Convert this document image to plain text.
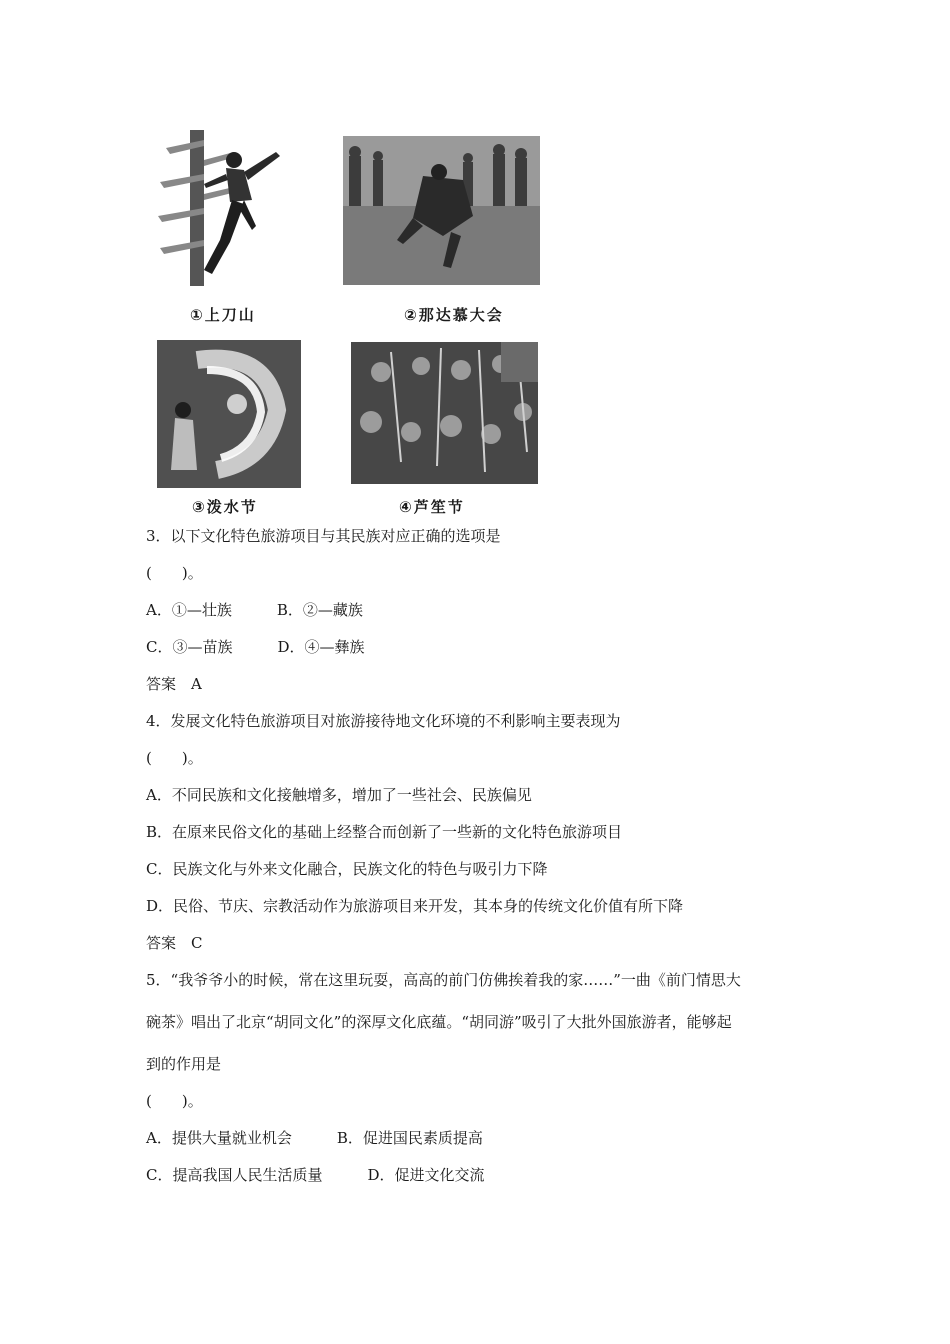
①上刀山	②那达慕大会
③泼水节	④芦笙节
3．以下文化特色旅游项目与其民族对应正确的选项是
(　　)。
A．①—壮族　　　B．②—藏族
C．③—苗族　　　D．④—彝族
答案　A
4．发展文化特色旅游项目对旅游接待地文化环境的不利影响主要表现为
(　　)。
A．不同民族和文化接触增多，增加了一些社会、民族偏见
B．在原来民俗文化的基础上经整合而创新了一些新的文化特色旅游项目
C．民族文化与外来文化融合，民族文化的特色与吸引力下降
D．民俗、节庆、宗教活动作为旅游项目来开发，其本身的传统文化价值有所下降
答案　C
5．“我爷爷小的时候，常在这里玩耍，高高的前门仿佛挨着我的家……”一曲《前门情思大
碗茶》唱出了北京“胡同文化”的深厚文化底蕴。“胡同游”吸引了大批外国旅游者，能够起
到的作用是
(　　)。
A．提供大量就业机会　　　B．促进国民素质提高
C．提高我国人民生活质量　　　D．促进文化交流
